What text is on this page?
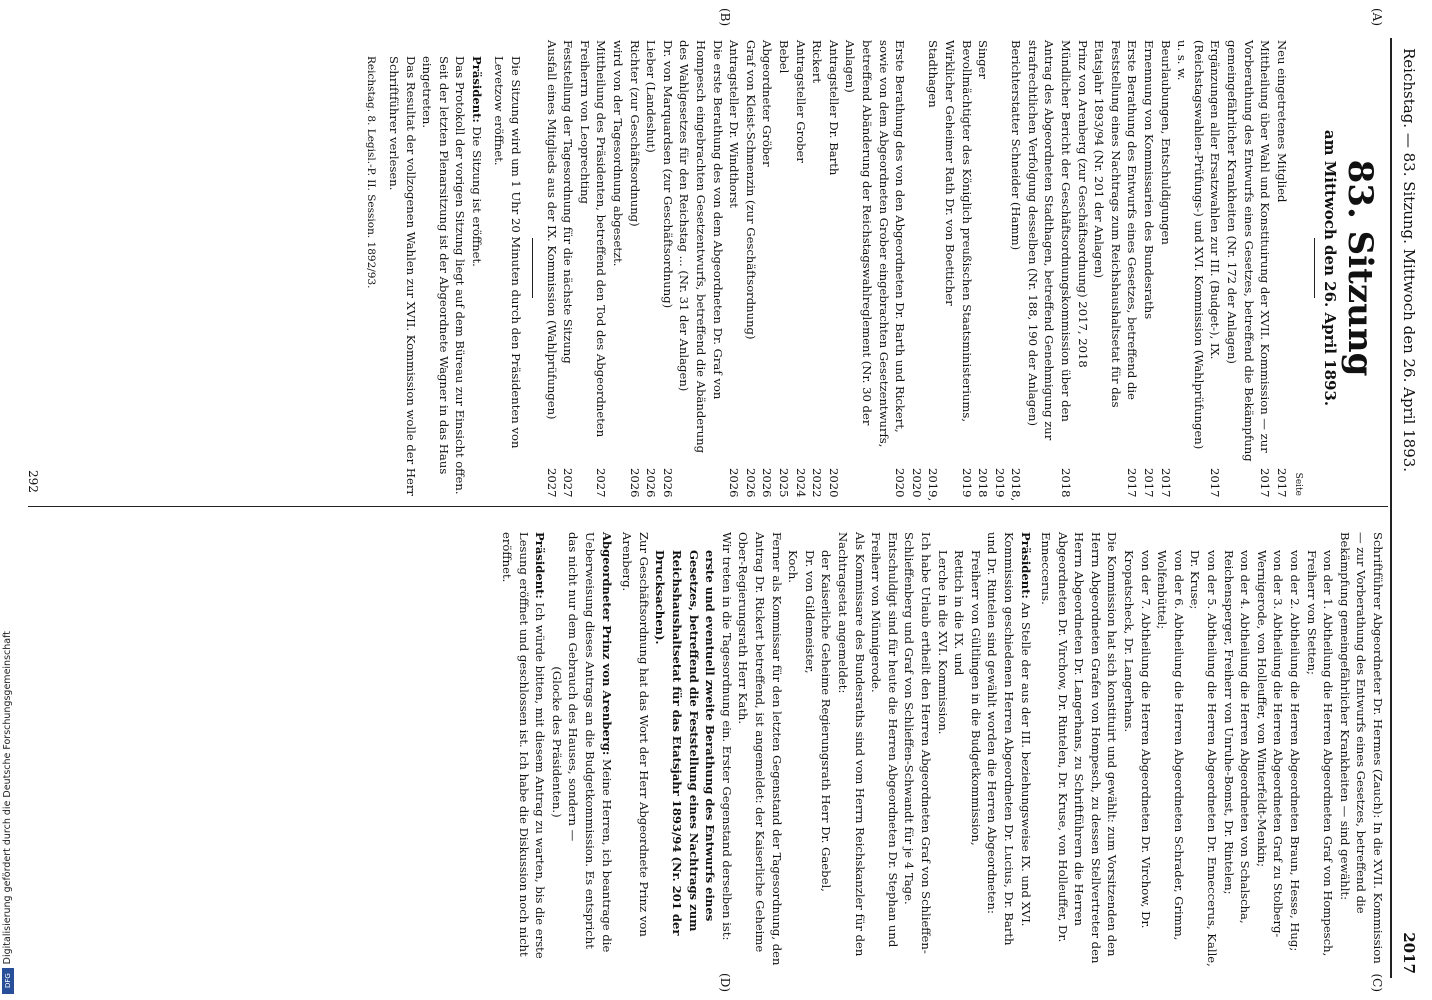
Reichstag. — 83. Sitzung. Mittwoch den 26. April 1893.
2017
(A)
(B)
(C)
(D)
83. Sitzung
am Mittwoch den 26. April 1893.
Seite
Neu eingetretenes Mitglied
2017
Mittheilung über Wahl und Konstituirung der XVII. Kommission — zur Vorberathung des Entwurfs eines Gesetzes, betreffend die Bekämpfung gemeingefährlicher Krankheiten (Nr. 172 der Anlagen)
2017
Ergänzungen aller Ersatzwahlen zur III. (Budget-), IX. (Reichstagswahlen-Prüfungs-) und XVI. Kommission (Wahlprüfungen) u. s. w.
2017
Beurlaubungen, Entschuldigungen
2017
Ernennung von Kommissarien des Bundesraths
2017
Erste Berathung des Entwurfs eines Gesetzes, betreffend die Feststellung eines Nachtrags zum Reichshaushaltsetat für das Etatsjahr 1893/94 (Nr. 201 der Anlagen)
2017
Prinz von Arenberg (zur Geschäftsordnung) 2017, 2018
Mündlicher Bericht der Geschäftsordnungskommission über den Antrag des Abgeordneten Stadthagen, betreffend Genehmigung zur strafrechtlichen Verfolgung desselben (Nr. 188, 190 der Anlagen)
2018
Berichterstatter Schneider (Hamm)
2018, 2019
Singer
2018
Bevollmächtigter des Königlich preußischen Staatsministeriums, Wirklicher Geheimer Rath Dr. von Boetticher
2019
Stadthagen
2019, 2020
Erste Berathung des von den Abgeordneten Dr. Barth und Rickert, sowie von dem Abgeordneten Grober eingebrachten Gesetzentwurfs, betreffend Abänderung der Reichstagswahlreglement (Nr. 30 der Anlagen)
2020
Antragsteller Dr. Barth
2020
Rickert
2022
Antragsteller Grober
2024
Bebel
2025
Abgeordneter Gröber
2026
Graf von Kleist-Schmenzin (zur Geschäftsordnung)
2026
Antragsteller Dr. Windthorst
2026
Die erste Berathung des von dem Abgeordneten Dr. Graf von Hompesch eingebrachten Gesetzentwurfs, betreffend die Abänderung des Wahlgesetzes für den Reichstag ... (Nr. 31 der Anlagen)
Dr. von Marquardsen (zur Geschäftsordnung)
2026
Lieber (Landeshut)
2026
Richter (zur Geschäftsordnung)
2026
wird von der Tagesordnung abgesetzt.
Mittheilung des Präsidenten, betreffend den Tod des Abgeordneten Freiherrn von Leoprechting
2027
Feststellung der Tagesordnung für die nächste Sitzung
2027
Ausfall eines Mitglieds aus der IX. Kommission (Wahlprüfungen)
2027

Die Sitzung wird um 1 Uhr 20 Minuten durch den Präsidenten von Levetzow eröffnet.

Präsident: Die Sitzung ist eröffnet.

Das Protokoll der vorigen Sitzung liegt auf dem Büreau zur Einsicht offen.

Seit der letzten Plenarsitzung ist der Abgeordnete Wagner in das Haus eingetreten.

Das Resultat der vollzogenen Wahlen zur XVII. Kommission wolle der Herr Schriftführer verlesen.

Reichstag. 8. Legisl.-P. II. Session. 1892/93.

292

Schriftführer Abgeordneter Dr. Hermes (Zauch): In die XVII. Kommission — zur Vorberathung des Entwurfs eines Gesetzes, betreffend die Bekämpfung gemeingefährlicher Krankheiten — sind gewählt:

von der 1. Abtheilung die Herren Abgeordneten Graf von Hompesch, Freiherr von Stetten;

von der 2. Abtheilung die Herren Abgeordneten Braun, Hesse, Hug;

von der 3. Abtheilung die Herren Abgeordneten Graf zu Stolberg-Wernigerode, von Holleuffer, von Winterfeldt-Menkin;

von der 4. Abtheilung die Herren Abgeordneten von Schalscha, Reichensperger, Freiherr von Unruhe-Bomst, Dr. Rintelen;

von der 5. Abtheilung die Herren Abgeordneten Dr. Enneccerus, Kalle, Dr. Kruse;

von der 6. Abtheilung die Herren Abgeordneten Schrader, Grimm, Wolfenbüttel;

von der 7. Abtheilung die Herren Abgeordneten Dr. Virchow, Dr. Kropatscheck, Dr. Langerhans.

Die Kommission hat sich konstituirt und gewählt: zum Vorsitzenden den Herrn Abgeordneten Grafen von Hompesch, zu dessen Stellvertreter den Herrn Abgeordneten Dr. Langerhans, zu Schriftführern die Herren Abgeordneten Dr. Virchow, Dr. Rintelen, Dr. Kruse, von Holleuffer, Dr. Enneccerus.

Präsident: An Stelle der aus der III. beziehungsweise IX. und XVI. Kommission geschiedenen Herren Abgeordneten Dr. Lucius, Dr. Barth und Dr. Rintelen sind gewählt worden die Herren Abgeordneten:

Freiherr von Gültlingen in die Budgetkommission,

Rettich in die IX. und

Lerche in die XVI. Kommission.

Ich habe Urlaub ertheilt den Herren Abgeordneten Graf von Schlieffen-Schlieffenberg und Graf von Schlieffen-Schwandt für je 4 Tage.

Entschuldigt sind für heute die Herren Abgeordneten Dr. Stephan und Freiherr von Münnigerode.

Als Kommissare des Bundesraths sind vom Herrn Reichskanzler für den Nachtragsetat angemeldet:

der Kaiserliche Geheime Regierungsrath Herr Dr. Gaebel,

Dr. von Gildemeister,

Koch.

Ferner als Kommissar für den letzten Gegenstand der Tagesordnung, den Antrag Dr. Rickert betreffend, ist angemeldet: der Kaiserliche Geheime Ober-Regierungsrath Herr Kath.

Wir treten in die Tagesordnung ein. Erster Gegenstand derselben ist:

erste und eventuell zweite Berathung des Entwurfs eines Gesetzes, betreffend die Feststellung eines Nachtrags zum Reichshaushaltsetat für das Etatsjahr 1893/94 (Nr. 201 der Drucksachen).

Zur Geschäftsordnung hat das Wort der Herr Abgeordnete Prinz von Arenberg.

Abgeordneter Prinz von Arenberg: Meine Herren, ich beantrage die Ueberweisung dieses Antrags an die Budgetkommission. Es entspricht das nicht nur dem Gebrauch des Hauses, sondern —

(Glocke des Präsidenten.)

Präsident: Ich würde bitten, mit diesem Antrag zu warten, bis die erste Lesung eröffnet und geschlossen ist. Ich habe die Diskussion noch nicht eröffnet.

DFG
Digitalisierung gefördert durch die Deutsche Forschungsgemeinschaft
